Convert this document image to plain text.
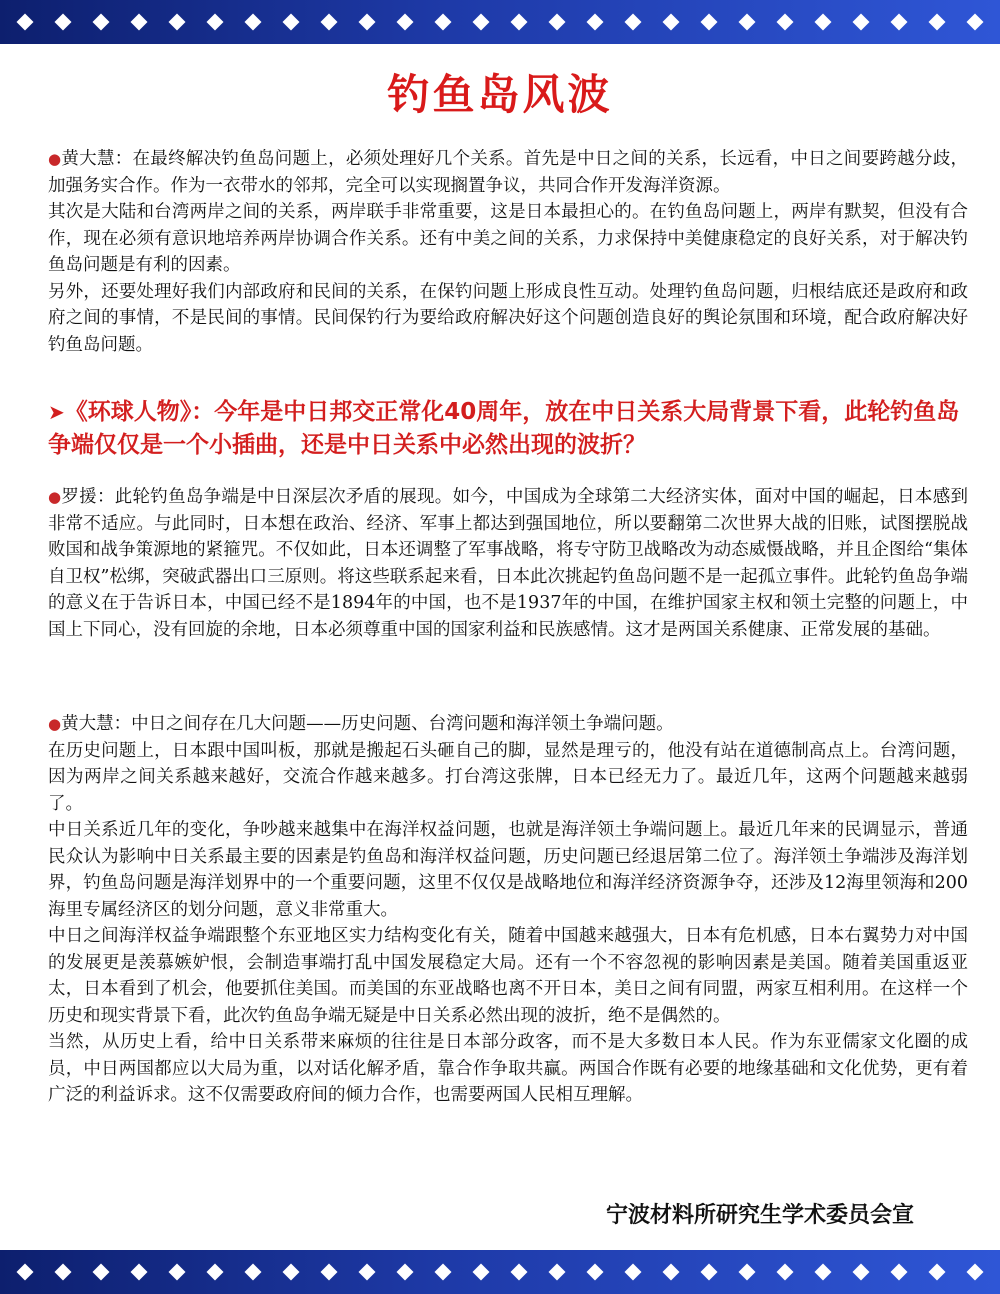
钓鱼岛风波

●黄大慧：在最终解决钓鱼岛问题上，必须处理好几个关系。首先是中日之间的关系，长远看，中日之间要跨越分歧，加强务实合作。作为一衣带水的邻邦，完全可以实现搁置争议，共同合作开发海洋资源。

其次是大陆和台湾两岸之间的关系，两岸联手非常重要，这是日本最担心的。在钓鱼岛问题上，两岸有默契，但没有合作，现在必须有意识地培养两岸协调合作关系。还有中美之间的关系，力求保持中美健康稳定的良好关系，对于解决钓鱼岛问题是有利的因素。

另外，还要处理好我们内部政府和民间的关系，在保钓问题上形成良性互动。处理钓鱼岛问题，归根结底还是政府和政府之间的事情，不是民间的事情。民间保钓行为要给政府解决好这个问题创造良好的舆论氛围和环境，配合政府解决好钓鱼岛问题。

➤《环球人物》：今年是中日邦交正常化40周年，放在中日关系大局背景下看，此轮钓鱼岛争端仅仅是一个小插曲，还是中日关系中必然出现的波折？

●罗援：此轮钓鱼岛争端是中日深层次矛盾的展现。如今，中国成为全球第二大经济实体，面对中国的崛起，日本感到非常不适应。与此同时，日本想在政治、经济、军事上都达到强国地位，所以要翻第二次世界大战的旧账，试图摆脱战败国和战争策源地的紧箍咒。不仅如此，日本还调整了军事战略，将专守防卫战略改为动态威慑战略，并且企图给“集体自卫权”松绑，突破武器出口三原则。将这些联系起来看，日本此次挑起钓鱼岛问题不是一起孤立事件。此轮钓鱼岛争端的意义在于告诉日本，中国已经不是1894年的中国，也不是1937年的中国，在维护国家主权和领土完整的问题上，中国上下同心，没有回旋的余地，日本必须尊重中国的国家利益和民族感情。这才是两国关系健康、正常发展的基础。

●黄大慧：中日之间存在几大问题——历史问题、台湾问题和海洋领土争端问题。

在历史问题上，日本跟中国叫板，那就是搬起石头砸自己的脚，显然是理亏的，他没有站在道德制高点上。台湾问题，因为两岸之间关系越来越好，交流合作越来越多。打台湾这张牌，日本已经无力了。最近几年，这两个问题越来越弱了。

中日关系近几年的变化，争吵越来越集中在海洋权益问题，也就是海洋领土争端问题上。最近几年来的民调显示，普通民众认为影响中日关系最主要的因素是钓鱼岛和海洋权益问题，历史问题已经退居第二位了。海洋领土争端涉及海洋划界，钓鱼岛问题是海洋划界中的一个重要问题，这里不仅仅是战略地位和海洋经济资源争夺，还涉及12海里领海和200海里专属经济区的划分问题，意义非常重大。

中日之间海洋权益争端跟整个东亚地区实力结构变化有关，随着中国越来越强大，日本有危机感，日本右翼势力对中国的发展更是羡慕嫉妒恨，会制造事端打乱中国发展稳定大局。还有一个不容忽视的影响因素是美国。随着美国重返亚太，日本看到了机会，他要抓住美国。而美国的东亚战略也离不开日本，美日之间有同盟，两家互相利用。在这样一个历史和现实背景下看，此次钓鱼岛争端无疑是中日关系必然出现的波折，绝不是偶然的。

当然，从历史上看，给中日关系带来麻烦的往往是日本部分政客，而不是大多数日本人民。作为东亚儒家文化圈的成员，中日两国都应以大局为重，以对话化解矛盾，靠合作争取共赢。两国合作既有必要的地缘基础和文化优势，更有着广泛的利益诉求。这不仅需要政府间的倾力合作，也需要两国人民相互理解。

宁波材料所研究生学术委员会宣
